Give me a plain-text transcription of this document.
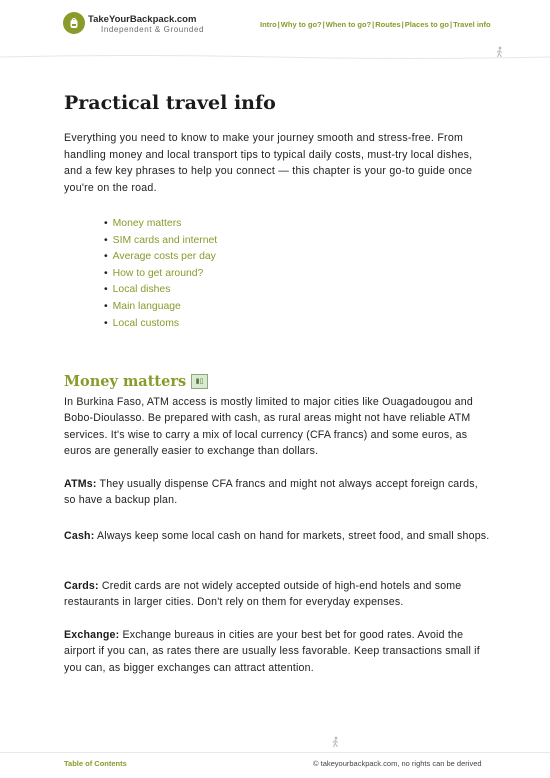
TakeYourBackpack.com
Independent & Grounded
Intro | Why to go? | When to go? | Routes | Places to go | Travel info
Practical travel info

Everything you need to know to make your journey smooth and stress-free. From handling money and local transport tips to typical daily costs, must-try local dishes, and a few key phrases to help you connect — this chapter is your go-to guide once you're on the road.

• Money matters
• SIM cards and internet
• Average costs per day
• How to get around?
• Local dishes
• Main language
• Local customs
Money matters	▮▯

In Burkina Faso, ATM access is mostly limited to major cities like Ouagadougou and Bobo-Dioulasso. Be prepared with cash, as rural areas might not have reliable ATM services. It's wise to carry a mix of local currency (CFA francs) and some euros, as euros are generally easier to exchange than dollars.

ATMs: They usually dispense CFA francs and might not always accept foreign cards, so have a backup plan.

Cash: Always keep some local cash on hand for markets, street food, and small shops.

Cards: Credit cards are not widely accepted outside of high-end hotels and some restaurants in larger cities. Don't rely on them for everyday expenses.

Exchange: Exchange bureaus in cities are your best bet for good rates. Avoid the airport if you can, as rates there are usually less favorable. Keep transactions small if you can, as bigger exchanges can attract attention.

Table of Contents	© takeyourbackpack.com, no rights can be derived
